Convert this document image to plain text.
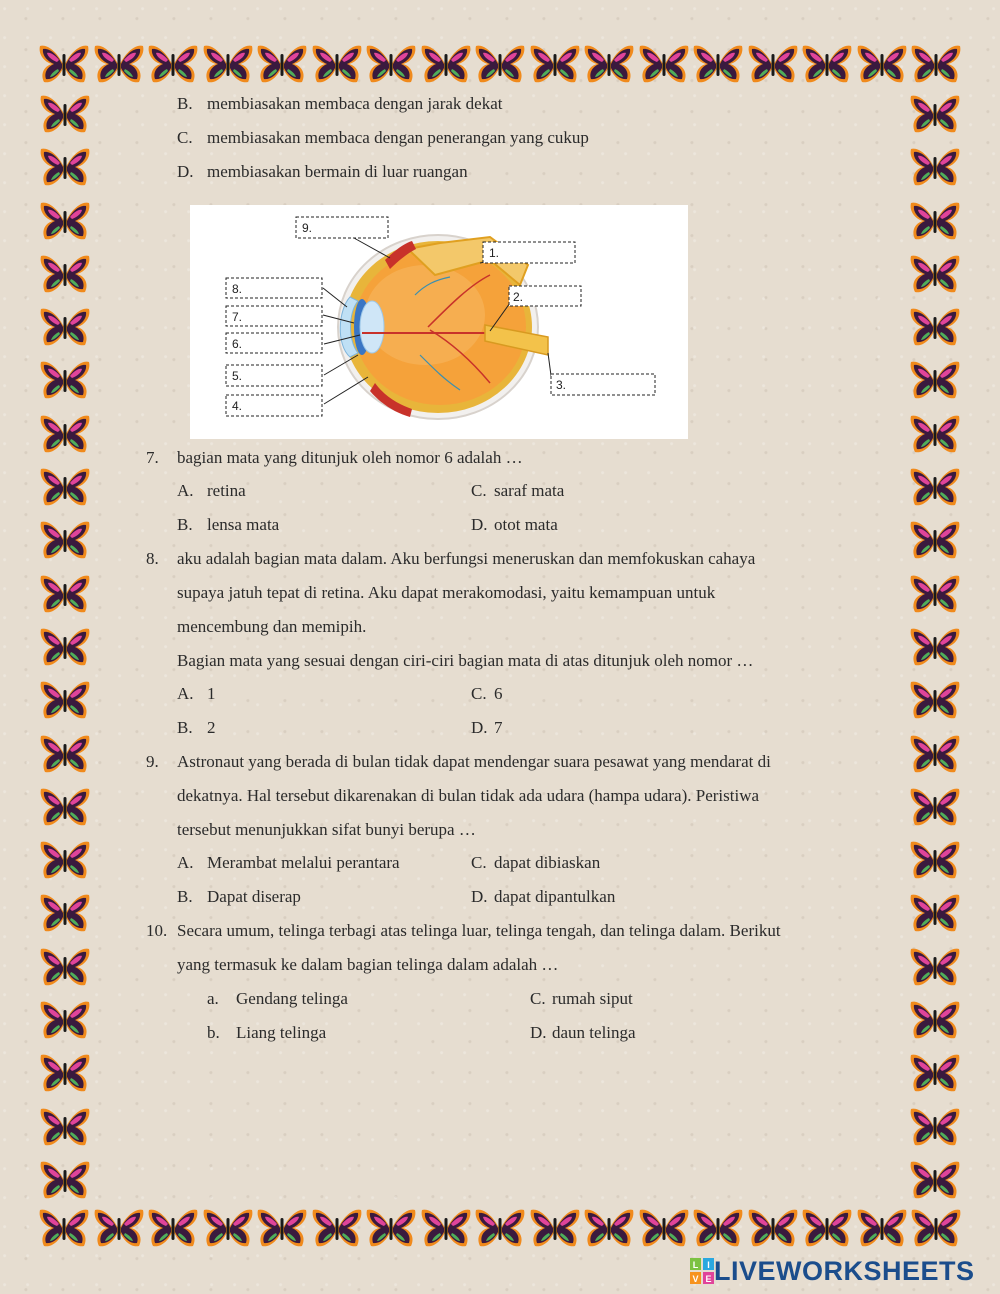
B. membiasakan membaca dengan jarak dekat
C. membiasakan membaca dengan penerangan yang cukup
D. membiasakan bermain di luar ruangan
9.
1.
2.
8.
7.
6.
5.
4.
3.
7. bagian mata yang ditunjuk oleh nomor 6 adalah …
A. retina	C. saraf mata
B. lensa mata	D. otot mata
8. aku adalah bagian mata dalam. Aku berfungsi meneruskan dan memfokuskan cahaya
supaya jatuh tepat di retina. Aku dapat merakomodasi, yaitu kemampuan untuk
mencembung dan memipih.
Bagian mata yang sesuai dengan ciri-ciri bagian mata di atas ditunjuk oleh nomor …
A. 1	C. 6
B. 2	D. 7
9. Astronaut yang berada di bulan tidak dapat mendengar suara pesawat yang mendarat di
dekatnya. Hal tersebut dikarenakan di bulan tidak ada udara (hampa udara). Peristiwa
tersebut menunjukkan sifat bunyi berupa …
A. Merambat melalui perantara	C. dapat dibiaskan
B. Dapat diserap	D. dapat dipantulkan
10. Secara umum, telinga terbagi atas telinga luar, telinga tengah, dan telinga dalam. Berikut
yang termasuk ke dalam bagian telinga dalam adalah …
a. Gendang telinga	C. rumah siput
b. Liang telinga	D. daun telinga
L I
V E LIVEWORKSHEETS
